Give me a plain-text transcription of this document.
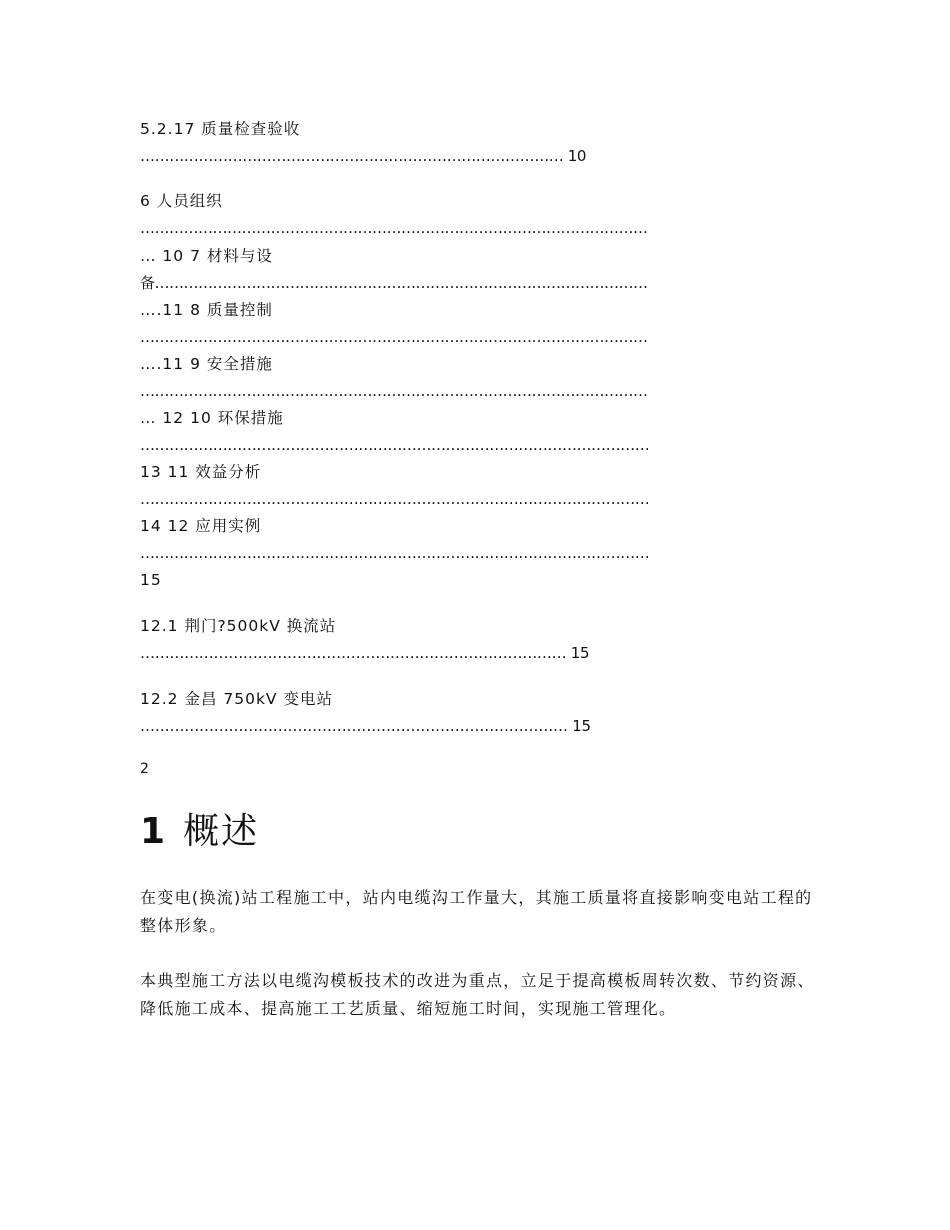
5.2.17 质量检查验收
…………………………………………………………………………… 10
6 人员组织
……………………………………………………………………………………………
… 10 7 材料与设
备…………………………………………………………………………………………
….11 8 质量控制
……………………………………………………………………………………………
….11 9 安全措施
……………………………………………………………………………………………
… 12 10 环保措施
……………………………………………………………………………………………
13 11 效益分析
……………………………………………………………………………………………
14 12 应用实例
……………………………………………………………………………………………
15
12.1 荆门?500kV 换流站
…………………………………………………………………………… 15
12.2 金昌 750kV 变电站
…………………………………………………………………………… 15
2
1 概述
在变电(换流)站工程施工中，站内电缆沟工作量大，其施工质量将直接影响变电站工程的整体形象。
本典型施工方法以电缆沟模板技术的改进为重点，立足于提高模板周转次数、节约资源、降低施工成本、提高施工工艺质量、缩短施工时间，实现施工管理化。
